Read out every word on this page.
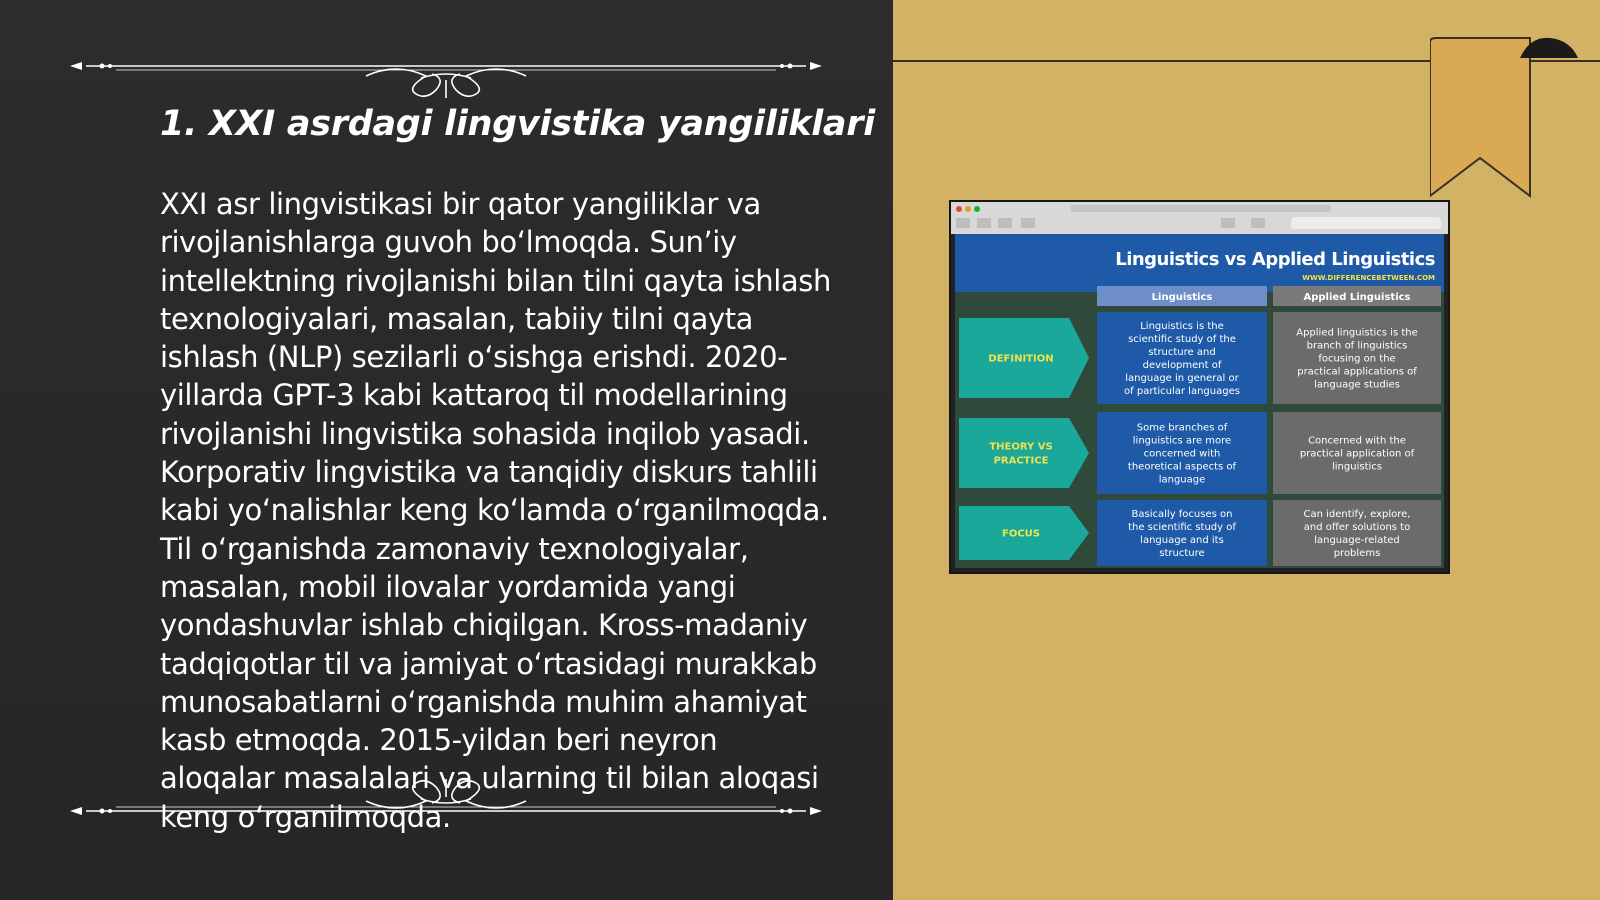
1. XXI asrdagi lingvistika yangiliklari

XXI asr lingvistikasi bir qator yangiliklar va rivojlanishlarga guvoh bo‘lmoqda. Sun’iy intellektning rivojlanishi bilan tilni qayta ishlash texnologiyalari, masalan, tabiiy tilni qayta ishlash (NLP) sezilarli o‘sishga erishdi. 2020-yillarda GPT-3 kabi kattaroq til modellarining rivojlanishi lingvistika sohasida inqilob yasadi. Korporativ lingvistika va tanqidiy diskurs tahlili kabi yo‘nalishlar keng ko‘lamda o‘rganilmoqda. Til o‘rganishda zamonaviy texnologiyalar, masalan, mobil ilovalar yordamida yangi yondashuvlar ishlab chiqilgan. Kross-madaniy tadqiqotlar til va jamiyat o‘rtasidagi murakkab munosabatlarni o‘rganishda muhim ahamiyat kasb etmoqda. 2015-yildan beri neyron aloqalar masalalari va ularning til bilan aloqasi keng o‘rganilmoqda.

Linguistics vs Applied Linguistics
WWW.DIFFERENCEBETWEEN.COM
Linguistics	Applied Linguistics
DEFINITION
Linguistics is the
scientific study of the
structure and
development of
language in general or
of particular languages
Applied linguistics is the
branch of linguistics
focusing on the
practical applications of
language studies
THEORY VS
PRACTICE
Some branches of
linguistics are more
concerned with
theoretical aspects of
language
Concerned with the
practical application of
linguistics
FOCUS
Basically focuses on
the scientific study of
language and its
structure
Can identify, explore,
and offer solutions to
language-related
problems
